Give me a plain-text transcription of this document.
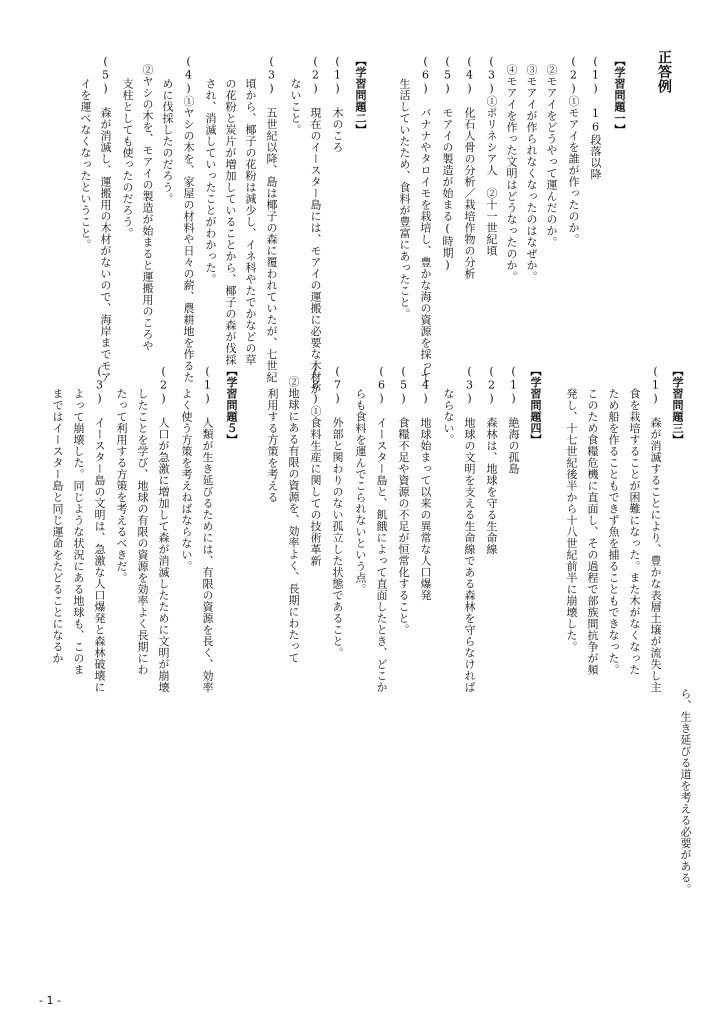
正答例
【学習問題一】
(1)　16段落以降
(2)①モアイを誰が作ったのか。
②モアイをどうやって運んだのか。
③モアイが作られなくなったのはなぜか。
④モアイを作った文明はどうなったのか。
(3)①ポリネシア人　②十一世紀頃
(4)　化石人骨の分析／栽培作物の分析
(5)　モアイの製造が始まる(時期)
(6)　バナナやタロイモを栽培し、豊かな海の資源を採って
生活していたため、食料が豊富にあったこと。
【学習問題二】
(1)　木のころ
(2)　現在のイースター島には、モアイの運搬に必要な木材が
ないこと。
(3)　五世紀以降、島は椰子の森に覆われていたが、七世紀
頃から、椰子の花粉は減少し、イネ科やたでかなどの草
の花粉と炭片が増加していることから、椰子の森が伐採
され、消滅していったことがわかった。
(4)①ヤシの木を、家屋の材料や日々の薪、農耕地を作るた
めに伐採したのだろう。
②ヤシの木を、モアイの製造が始まると運搬用のころや
支柱としても使ったのだろう。
(5)　森が消滅し、運搬用の木材がないので、海岸までモア
イを運べなくなったということ。
【学習問題三】
(1)　森が消滅することにより、豊かな表層土壌が流失し主
食を栽培することが困難になった。また木がなくなった
ため船を作ることもできず魚を捕ることもできなった。
このため食糧危機に直面し、その過程で部族間抗争が頻
発し、十七世紀後半から十八世紀前半に崩壊した。
【学習問題四】
(1)　絶海の孤島
(2)　森林は、地球を守る生命線
(3)　地球の文明を支える生命線である森林を守らなければ
ならない。
(4)　地球始まって以来の異常な人口爆発
(5)　食糧不足や資源の不足が恒常化すること。
(6)　イースター島と、飢餓によって直面したとき、どこか
らも食料を運んでこられないという点。
(7)　外部と関わりのない孤立した状態であること。
(8)①食料生産に関しての技術革新
②地球にある有限の資源を、効率よく、長期にわたって
利用する方策を考える
【学習問題５】
(1)　人類が生き延びるためには、有限の資源を長く、効率
よく使う方策を考えねばならない。
(2)　人口が急激に増加して森が消滅したために文明が崩壊
したことを学び、地球の有限の資源を効率よく長期にわ
たって利用する方策を考えるべきだ。
(3)　イースター島の文明は、急激な人口爆発と森林破壊に
よって崩壊した。同じような状況にある地球も、このま
まではイースター島と同じ運命をたどることになるか
ら、生き延びる道を考える必要がある。
- 1 -
